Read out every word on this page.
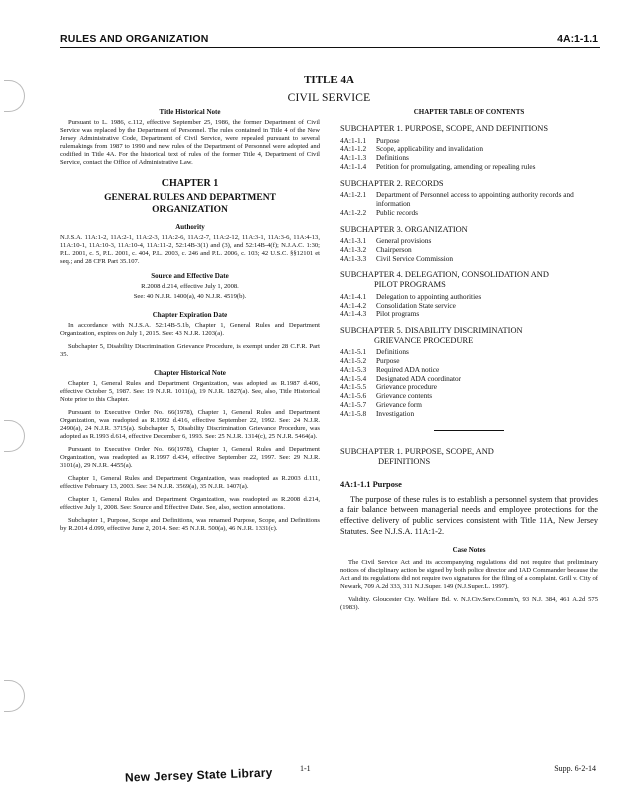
RULES AND ORGANIZATION	4A:1-1.1
TITLE 4A
CIVIL SERVICE
Title Historical Note

Pursuant to L. 1986, c.112, effective September 25, 1986, the former Department of Civil Service was replaced by the Department of Personnel. The rules contained in Title 4 of the New Jersey Administrative Code, Department of Civil Service, were repealed pursuant to several rulemakings from 1987 to 1990 and new rules of the Department of Personnel were adopted and codified in Title 4A. For the historical text of rules of the former Title 4, Department of Civil Service, contact the Office of Administrative Law.

CHAPTER 1
GENERAL RULES AND DEPARTMENT
ORGANIZATION
Authority

N.J.S.A. 11A:1-2, 11A:2-1, 11A:2-3, 11A:2-6, 11A:2-7, 11A:2-12, 11A:3-1, 11A:3-6, 11A:4-13, 11A:10-1, 11A:10-3, 11A:10-4, 11A:11-2, 52:14B-3(1) and (3), and 52:14B-4(f); N.J.A.C. 1:30; P.L. 2001, c. 5, P.L. 2001, c. 404, P.L. 2003, c. 246 and P.L. 2006, c. 103; 42 U.S.C. §§12101 et seq.; and 28 CFR Part 35.107.

Source and Effective Date
R.2008 d.214, effective July 1, 2008.
See: 40 N.J.R. 1400(a), 40 N.J.R. 4519(b).
Chapter Expiration Date

In accordance with N.J.S.A. 52:14B-5.1b, Chapter 1, General Rules and Department Organization, expires on July 1, 2015. See: 43 N.J.R. 1203(a).

Subchapter 5, Disability Discrimination Grievance Procedure, is exempt under 28 C.F.R. Part 35.

Chapter Historical Note

Chapter 1, General Rules and Department Organization, was adopted as R.1987 d.406, effective October 5, 1987. See: 19 N.J.R. 1011(a), 19 N.J.R. 1827(a). See, also, Title Historical Note prior to this Chapter.

Pursuant to Executive Order No. 66(1978), Chapter 1, General Rules and Department Organization, was readopted as R.1992 d.416, effective September 22, 1992. See: 24 N.J.R. 2490(a), 24 N.J.R. 3715(a). Subchapter 5, Disability Discrimination Grievance Procedure, was adopted as R.1993 d.614, effective December 6, 1993. See: 25 N.J.R. 1314(c), 25 N.J.R. 5464(a).

Pursuant to Executive Order No. 66(1978), Chapter 1, General Rules and Department Organization, was readopted as R.1997 d.434, effective September 22, 1997. See: 29 N.J.R. 3101(a), 29 N.J.R. 4455(a).

Chapter 1, General Rules and Department Organization, was readopted as R.2003 d.111, effective February 13, 2003. See: 34 N.J.R. 3569(a), 35 N.J.R. 1407(a).

Chapter 1, General Rules and Department Organization, was readopted as R.2008 d.214, effective July 1, 2008. See: Source and Effective Date. See, also, section annotations.

Subchapter 1, Purpose, Scope and Definitions, was renamed Purpose, Scope, and Definitions by R.2014 d.099, effective June 2, 2014. See: 45 N.J.R. 500(a), 46 N.J.R. 1331(c).

CHAPTER TABLE OF CONTENTS
SUBCHAPTER 1. PURPOSE, SCOPE, AND DEFINITIONS
4A:1-1.1	Purpose
4A:1-1.2	Scope, applicability and invalidation
4A:1-1.3	Definitions
4A:1-1.4	Petition for promulgating, amending or repealing rules
SUBCHAPTER 2. RECORDS
4A:1-2.1	Department of Personnel access to appointing authority records and information
4A:1-2.2	Public records
SUBCHAPTER 3. ORGANIZATION
4A:1-3.1	General provisions
4A:1-3.2	Chairperson
4A:1-3.3	Civil Service Commission
SUBCHAPTER 4. DELEGATION, CONSOLIDATION AND
PILOT PROGRAMS
4A:1-4.1	Delegation to appointing authorities
4A:1-4.2	Consolidation State service
4A:1-4.3	Pilot programs
SUBCHAPTER 5. DISABILITY DISCRIMINATION
GRIEVANCE PROCEDURE
4A:1-5.1	Definitions
4A:1-5.2	Purpose
4A:1-5.3	Required ADA notice
4A:1-5.4	Designated ADA coordinator
4A:1-5.5	Grievance procedure
4A:1-5.6	Grievance contents
4A:1-5.7	Grievance form
4A:1-5.8	Investigation
SUBCHAPTER 1. PURPOSE, SCOPE, AND
DEFINITIONS
4A:1-1.1 Purpose

The purpose of these rules is to establish a personnel system that provides a fair balance between managerial needs and employee protections for the effective delivery of public services consistent with Title 11A, New Jersey Statutes. See N.J.S.A. 11A:1-2.

Case Notes

The Civil Service Act and its accompanying regulations did not require that preliminary notices of disciplinary action be signed by both police director and IAD Commander because the Act and its regulations did not require two signatures for the filing of a complaint. Grill v. City of Newark, 709 A.2d 333, 311 N.J.Super. 149 (N.J.Super.L. 1997).

Validity. Gloucester Cty. Welfare Bd. v. N.J.Civ.Serv.Comm'n, 93 N.J. 384, 461 A.2d 575 (1983).

New Jersey State Library	1-1	Supp. 6-2-14
